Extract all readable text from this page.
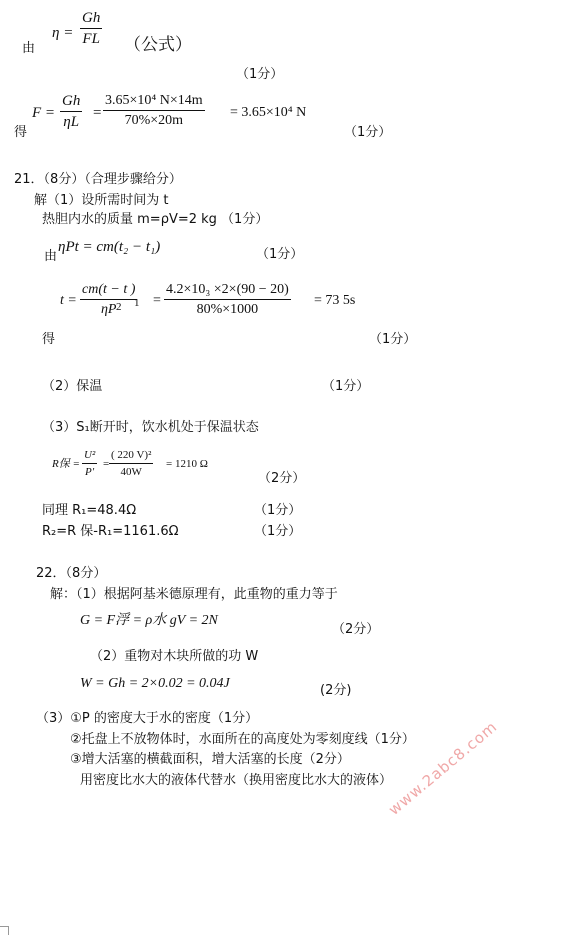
$\eta = \frac{Gh}{FL}$
由	（公式）
（1分）
$F = \frac{Gh}{\eta L} = \frac{\text{3.65×10⁴ N×14m}}{70\%\times 20m} = 3.65\times 10^4$ N
得	（1分）
21．（8分）（合理步骤给分）
解（1）设所需时间为 t
热胆内水的质量 m=ρV=2 kg （1分）
由
ηPt = cm(t₂ − t₁)	（1分）
$t = \frac{cm(t - t )}{\eta P}$
2 $1 = \frac{\text{4.2×10₃ ×2×(90 − 20)}}{80\%\times 1000} = 73$ 5s
得	（1分）
（2）保温	（1分）
（3）S₁断开时，饮水机处于保温状态
R保 = $\frac{\text{U²}}{P'} = \frac{\text{( 220 V)²}}{40W} = 1210$ Ω
（2分）
同理 R₁=48.4Ω	（1分）
R₂=R 保-R₁=1161.6Ω	（1分）
22．（8分）
解：（1）根据阿基米德原理有，此重物的重力等于
G = F浮 = ρ水 gV = 2N
（2分）
（2）重物对木块所做的功 W
W = Gh = 2×0.02 = 0.04J	(2分)
（3）①P 的密度大于水的密度（1分）
②托盘上不放物体时，水面所在的高度处为零刻度线（1分）
③增大活塞的横截面积，增大活塞的长度（2分）
用密度比水大的液体代替水（换用密度比水大的液体）
www.2abc8.com
